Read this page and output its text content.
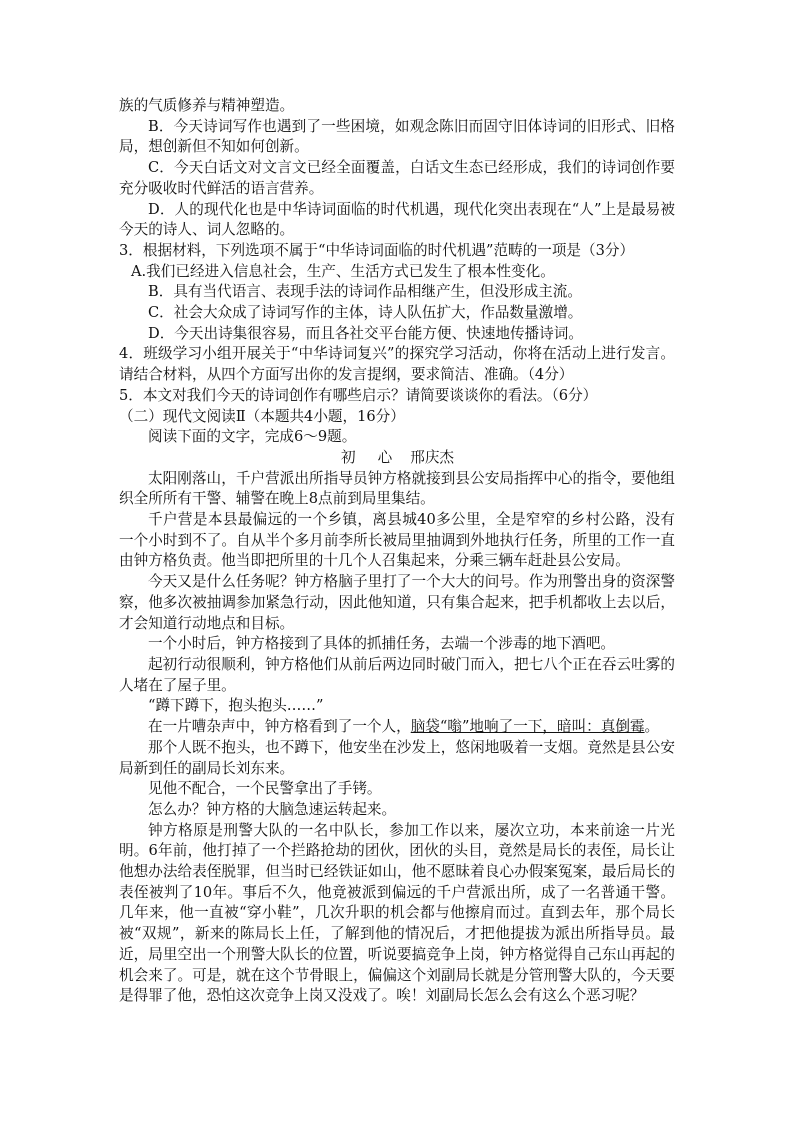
族的气质修养与精神塑造。

B．今天诗词写作也遇到了一些困境，如观念陈旧而固守旧体诗词的旧形式、旧格局，想创新但不知如何创新。

C．今天白话文对文言文已经全面覆盖，白话文生态已经形成，我们的诗词创作要充分吸收时代鲜活的语言营养。

D．人的现代化也是中华诗词面临的时代机遇，现代化突出表现在“人”上是最易被今天的诗人、词人忽略的。

3．根据材料，下列选项不属于“中华诗词面临的时代机遇”范畴的一项是（3分）

A.我们已经进入信息社会，生产、生活方式已发生了根本性变化。

B．具有当代语言、表现手法的诗词作品相继产生，但没形成主流。

C．社会大众成了诗词写作的主体，诗人队伍扩大，作品数量激增。

D．今天出诗集很容易，而且各社交平台能方便、快速地传播诗词。

4．班级学习小组开展关于“中华诗词复兴”的探究学习活动，你将在活动上进行发言。请结合材料，从四个方面写出你的发言提纲，要求简洁、准确。（4分）

5．本文对我们今天的诗词创作有哪些启示？请简要谈谈你的看法。（6分）

（二）现代文阅读Ⅱ（本题共4小题，16分）

阅读下面的文字，完成6～9题。

初 心 邢庆杰

太阳刚落山，千户营派出所指导员钟方格就接到县公安局指挥中心的指令，要他组织全所所有干警、辅警在晚上8点前到局里集结。

千户营是本县最偏远的一个乡镇，离县城40多公里，全是窄窄的乡村公路，没有一个小时到不了。自从半个多月前李所长被局里抽调到外地执行任务，所里的工作一直由钟方格负责。他当即把所里的十几个人召集起来，分乘三辆车赶赴县公安局。

今天又是什么任务呢？钟方格脑子里打了一个大大的问号。作为刑警出身的资深警察，他多次被抽调参加紧急行动，因此他知道，只有集合起来，把手机都收上去以后，才会知道行动地点和目标。

一个小时后，钟方格接到了具体的抓捕任务，去端一个涉毒的地下酒吧。

起初行动很顺利，钟方格他们从前后两边同时破门而入，把七八个正在吞云吐雾的人堵在了屋子里。

“蹲下蹲下，抱头抱头……”

在一片嘈杂声中，钟方格看到了一个人，脑袋“嗡”地响了一下，暗叫：真倒霉。

那个人既不抱头，也不蹲下，他安坐在沙发上，悠闲地吸着一支烟。竟然是县公安局新到任的副局长刘东来。

见他不配合，一个民警拿出了手铐。

怎么办？钟方格的大脑急速运转起来。

钟方格原是刑警大队的一名中队长，参加工作以来，屡次立功，本来前途一片光明。6年前，他打掉了一个拦路抢劫的团伙，团伙的头目，竟然是局长的表侄，局长让他想办法给表侄脱罪，但当时已经铁证如山，他不愿昧着良心办假案冤案，最后局长的表侄被判了10年。事后不久，他竟被派到偏远的千户营派出所，成了一名普通干警。几年来，他一直被“穿小鞋”，几次升职的机会都与他擦肩而过。直到去年，那个局长被“双规”，新来的陈局长上任，了解到他的情况后，才把他提拔为派出所指导员。最近，局里空出一个刑警大队长的位置，听说要搞竞争上岗，钟方格觉得自己东山再起的机会来了。可是，就在这个节骨眼上，偏偏这个刘副局长就是分管刑警大队的，今天要是得罪了他，恐怕这次竞争上岗又没戏了。唉！刘副局长怎么会有这么个恶习呢？
